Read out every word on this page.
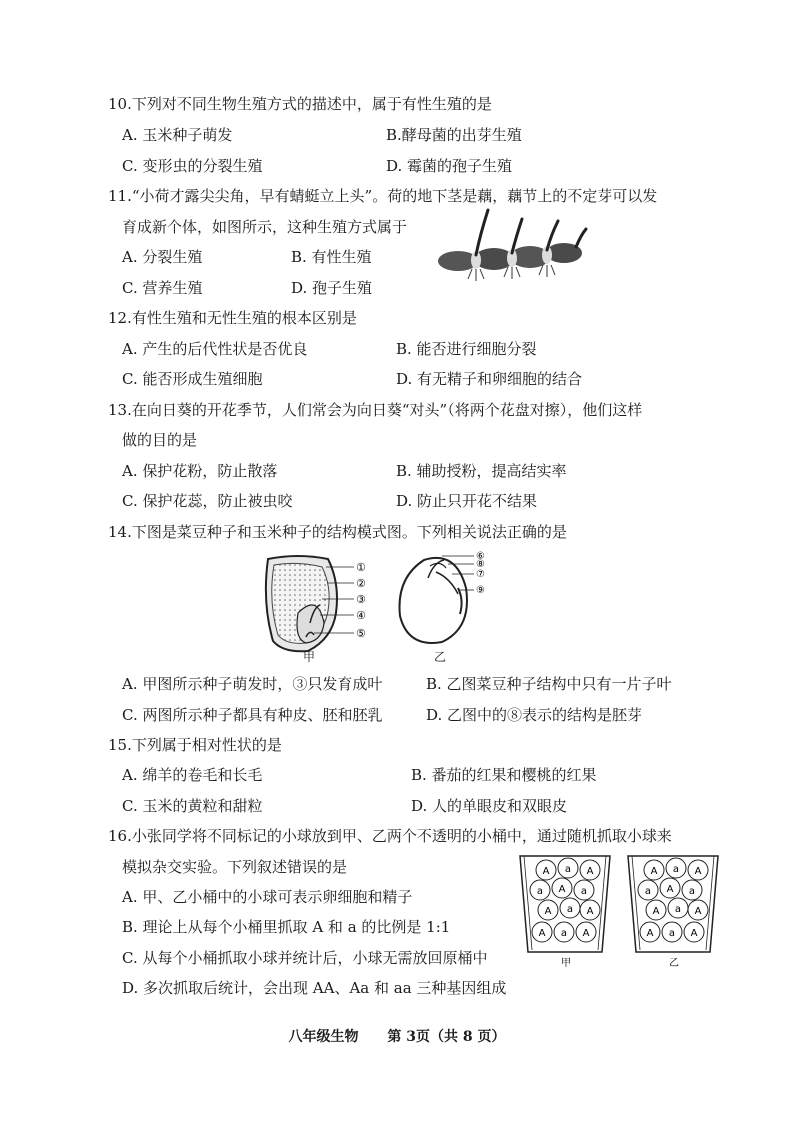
10.下列对不同生物生殖方式的描述中，属于有性生殖的是
A. 玉米种子萌发	B.酵母菌的出芽生殖
C. 变形虫的分裂生殖	D. 霉菌的孢子生殖
11.“小荷才露尖尖角，早有蜻蜓立上头”。荷的地下茎是藕，藕节上的不定芽可以发
育成新个体，如图所示，这种生殖方式属于
A. 分裂生殖	B. 有性生殖
C. 营养生殖	D. 孢子生殖
12.有性生殖和无性生殖的根本区别是
A. 产生的后代性状是否优良	B. 能否进行细胞分裂
C. 能否形成生殖细胞	D. 有无精子和卵细胞的结合
13.在向日葵的开花季节，人们常会为向日葵“对头”（将两个花盘对擦），他们这样
做的目的是
A. 保护花粉，防止散落	B. 辅助授粉，提高结实率
C. 保护花蕊，防止被虫咬	D. 防止只开花不结果
14.下图是菜豆种子和玉米种子的结构模式图。下列相关说法正确的是
①
②
③
④
⑤
甲
⑥
⑧
⑦
⑨
乙
A. 甲图所示种子萌发时，③只发育成叶	B. 乙图菜豆种子结构中只有一片子叶
C. 两图所示种子都具有种皮、胚和胚乳	D. 乙图中的⑧表示的结构是胚芽
15.下列属于相对性状的是
A. 绵羊的卷毛和长毛	B. 番茄的红果和樱桃的红果
C. 玉米的黄粒和甜粒	D. 人的单眼皮和双眼皮
16.小张同学将不同标记的小球放到甲、乙两个不透明的小桶中，通过随机抓取小球来
模拟杂交实验。下列叙述错误的是
A. 甲、乙小桶中的小球可表示卵细胞和精子
B. 理论上从每个小桶里抓取 A 和 a 的比例是 1:1
C. 从每个小桶抓取小球并统计后，小球无需放回原桶中
D. 多次抓取后统计，会出现 AA、Aa 和 aa 三种基因组成
A a A
a A a
A a A
A a A
A a A
a A a
A a A
A a A
甲	乙
八年级生物 第 3页（共 8 页）
